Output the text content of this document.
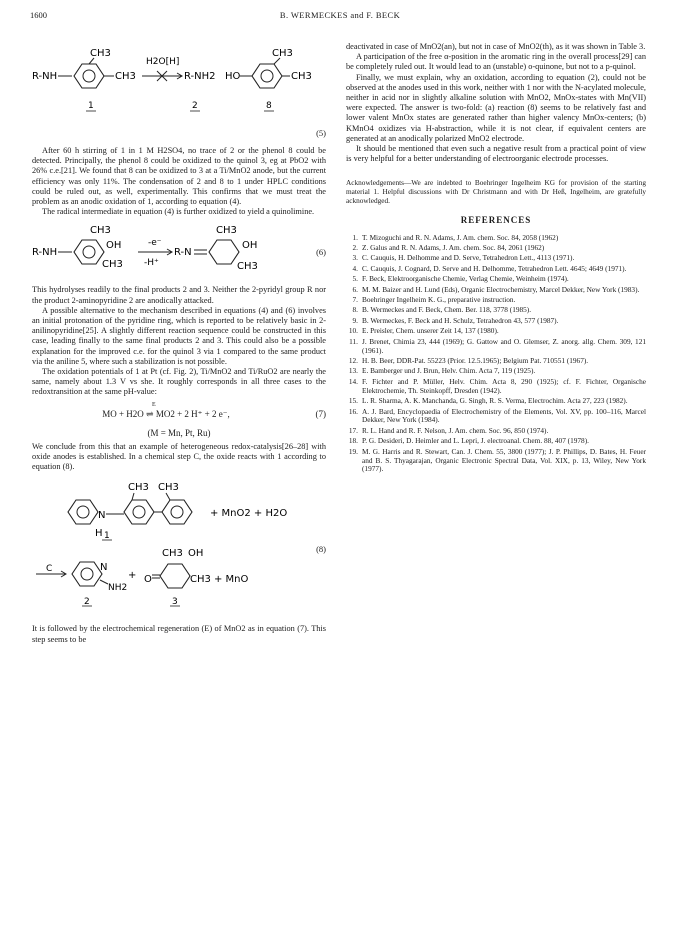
1600	B. WERMECKES and F. BECK
CH3
R-NH	CH3
H2O[H]
R-NH2 HO
CH3
CH3
1	2	8
(5)

After 60 h stirring of 1 in 1 M H2SO4, no trace of 2 or the phenol 8 could be detected. Principally, the phenol 8 could be oxidized to the quinol 3, eg at PbO2 with 26% c.e.[21]. We found that 8 can be oxidized to 3 at a Ti/MnO2 anode, but the current efficiency was only 11%. The condensation of 2 and 8 to 1 under HPLC conditions could be ruled out, as well, experimentally. This confirms that we must treat the problem as an anodic oxidation of 1, according to equation (4).

The radical intermediate in equation (4) is further oxidized to yield a quinolimine.

CH3
R-NH
OH
CH3
-e⁻
-H⁺
R-N
CH3
OH
CH3
(6)

This hydrolyses readily to the final products 2 and 3. Neither the 2-pyridyl group R nor the product 2-aminopyridine 2 are anodically attacked.

A possible alternative to the mechanism described in equations (4) and (6) involves an initial protonation of the pyridine ring, which is reported to be relatively basic in 2-anilinopyridine[25]. A slightly different reaction sequence could be constructed in this case, leading finally to the same final products 2 and 3. This could also be a possible explanation for the improved c.e. for the quinol 3 via 1 compared to the same product via the aniline 5, where such a stabilization is not possible.

The oxidation potentials of 1 at Pt (cf. Fig. 2), Ti/MnO2 and Ti/RuO2 are nearly the same, namely about 1.3 V vs she. It roughly corresponds in all three cases to the redoxtransition at the same pH-value:

E
MO + H2O ⇌ MO2 + 2 H⁺ + 2 e⁻,	(7)
(M = Mn, Pt, Ru)

We conclude from this that an example of heterogeneous redox-catalysis[26–28] with oxide anodes is established. In a chemical step C, the oxide reacts with 1 according to equation (8).

CH3 CH3
N
H 1
+ MnO2 + H2O
C	N
NH2
2
+ O
CH3 OH
CH3
3
+ MnO
(8)

It is followed by the electrochemical regeneration (E) of MnO2 as in equation (7). This step seems to be

deactivated in case of MnO2(an), but not in case of MnO2(th), as it was shown in Table 3.

A participation of the free α-position in the aromatic ring in the overall process[29] can be completely ruled out. It would lead to an (unstable) o-quinone, but not to a p-quinol.

Finally, we must explain, why an oxidation, according to equation (2), could not be observed at the anodes used in this work, neither with 1 nor with the N-acylated molecule, neither in acid nor in slightly alkaline solution with MnO2, MnOx-states with Mn(VII) were expected. The answer is two-fold: (a) reaction (8) seems to be relatively fast and lower valent MnOx states are generated rather than higher valency MnOx-centers; (b) KMnO4 oxidizes via H-abstraction, while it is not clear, if equivalent centers are generated at an anodically polarized MnO2 electrode.

It should be mentioned that even such a negative result from a practical point of view is very helpful for a better understanding of electroorganic electrode processes.

Acknowledgements—We are indebted to Boehringer Ingelheim KG for provision of the starting material 1. Helpful discussions with Dr Christmann and with Dr Heß, Ingelheim, are gratefully acknowledged.
REFERENCES
1. T. Mizoguchi and R. N. Adams, J. Am. chem. Soc. 84, 2058 (1962)
2. Z. Galus and R. N. Adams, J. Am. chem. Soc. 84, 2061 (1962)
3. C. Cauquis, H. Delhomme and D. Serve, Tetrahedron Lett., 4113 (1971).
4. C. Cauquis, J. Cognard, D. Serve and H. Delhomme, Tetrahedron Lett. 4645; 4649 (1971).
5. F. Beck, Elektroorganische Chemie, Verlag Chemie, Weinheim (1974).
6. M. M. Baizer and H. Lund (Eds), Organic Electrochemistry, Marcel Dekker, New York (1983).
7. Boehringer Ingelheim K. G., preparative instruction.
8. B. Wermeckes and F. Beck, Chem. Ber. 118, 3778 (1985).
9. B. Wermeckes, F. Beck and H. Schulz, Tetrahedron 43, 577 (1987).
10. E. Preisler, Chem. unserer Zeit 14, 137 (1980).
11. J. Brenet, Chimia 23, 444 (1969); G. Gattow and O. Glemser, Z. anorg. allg. Chem. 309, 121 (1961).
12. H. B. Beer, DDR-Pat. 55223 (Prior. 12.5.1965); Belgium Pat. 710551 (1967).
13. E. Bamberger und J. Brun, Helv. Chim. Acta 7, 119 (1925).
14. F. Fichter and P. Müller, Helv. Chim. Acta 8, 290 (1925); cf. F. Fichter, Organische Elektrochemie, Th. Steinkopff, Dresden (1942).
15. L. R. Sharma, A. K. Manchanda, G. Singh, R. S. Verma, Electrochim. Acta 27, 223 (1982).
16. A. J. Bard, Encyclopaedia of Electrochemistry of the Elements, Vol. XV, pp. 100–116, Marcel Dekker, New York (1984).
17. R. L. Hand and R. F. Nelson, J. Am. chem. Soc. 96, 850 (1974).
18. P. G. Desideri, D. Heimler and L. Lepri, J. electroanal. Chem. 88, 407 (1978).
19. M. G. Harris and R. Stewart, Can. J. Chem. 55, 3800 (1977); J. P. Phillips, D. Bates, H. Feuer and B. S. Thyagarajan, Organic Electronic Spectral Data, Vol. XIX, p. 13, Wiley, New York (1977).
